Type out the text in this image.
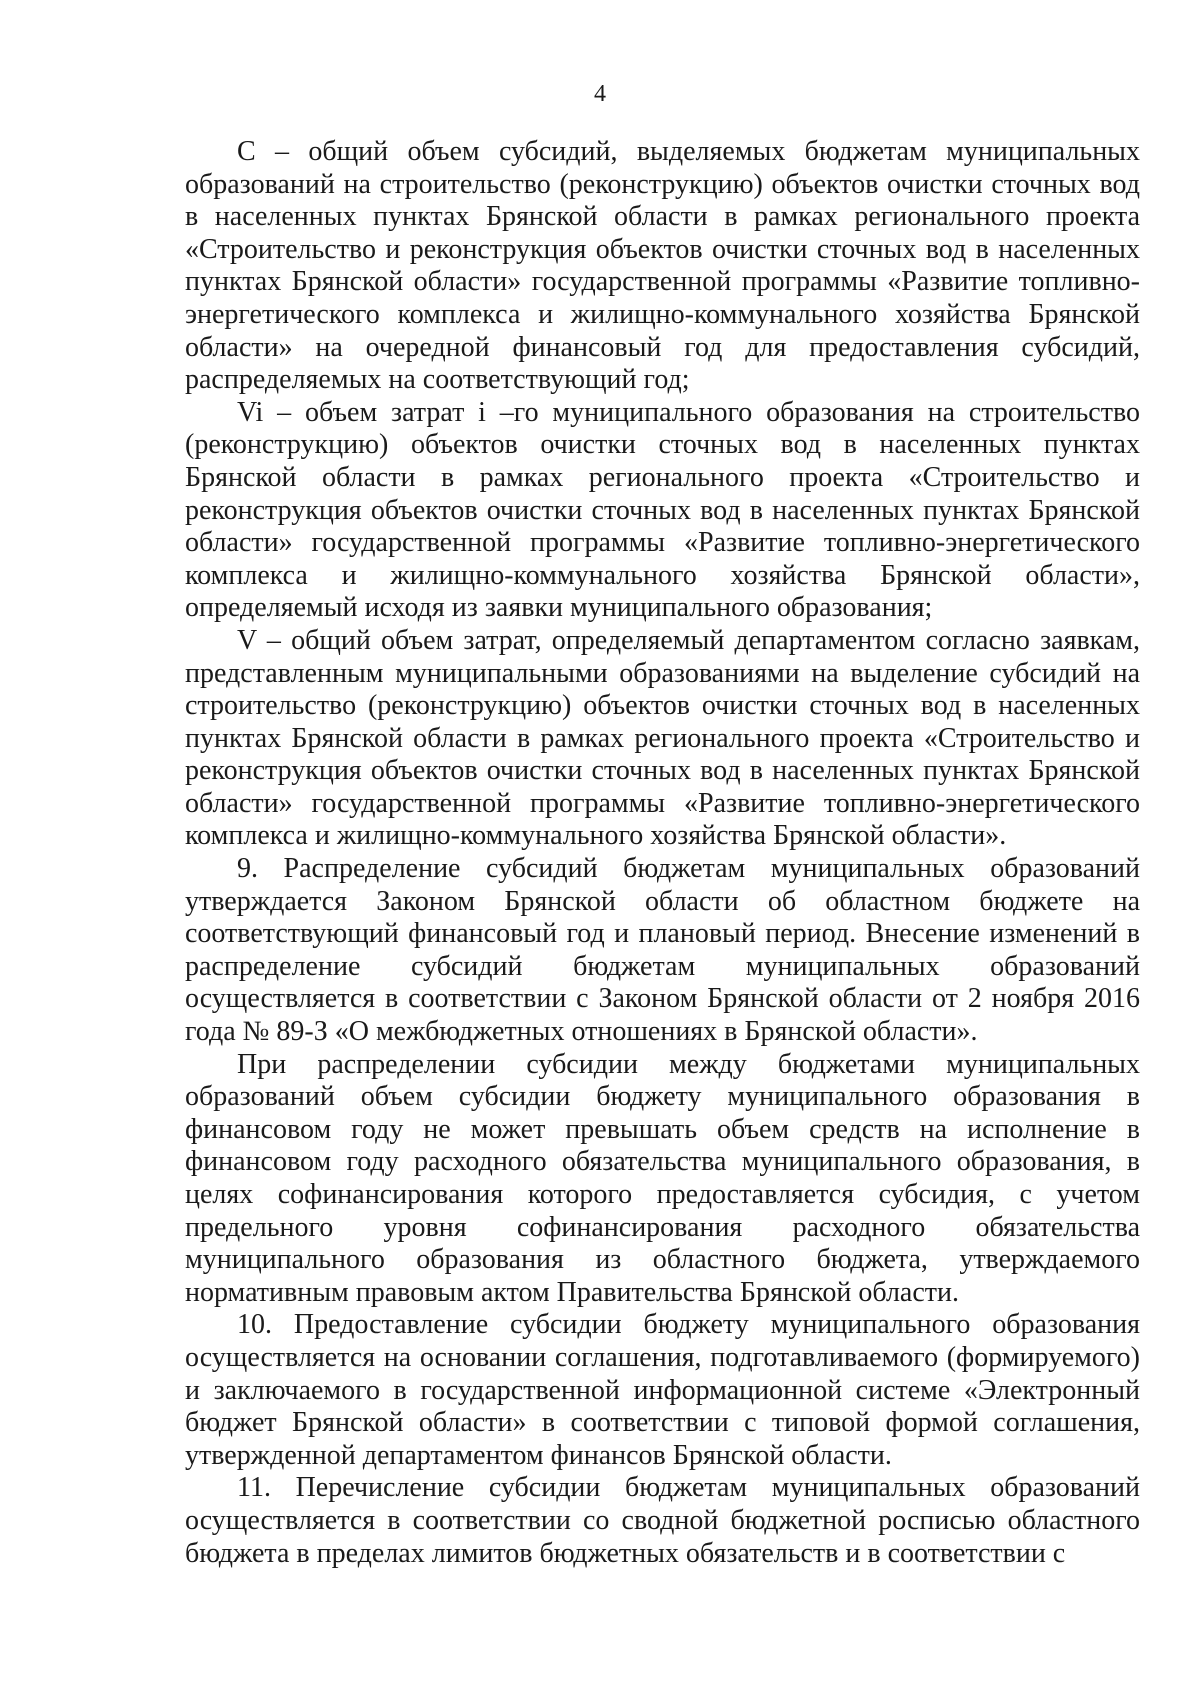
4

С – общий объем субсидий, выделяемых бюджетам муниципальных образований на строительство (реконструкцию) объектов очистки сточных вод в населенных пунктах Брянской области в рамках регионального проекта «Строительство и реконструкция объектов очистки сточных вод в населенных пунктах Брянской области» государственной программы «Развитие топливно-энергетического комплекса и жилищно-коммунального хозяйства Брянской области» на очередной финансовый год для предоставления субсидий, распределяемых на соответствующий год;

Vi – объем затрат i –го муниципального образования на строительство (реконструкцию) объектов очистки сточных вод в населенных пунктах Брянской области в рамках регионального проекта «Строительство и реконструкция объектов очистки сточных вод в населенных пунктах Брянской области» государственной программы «Развитие топливно-энергетического комплекса и жилищно-коммунального хозяйства Брянской области», определяемый исходя из заявки муниципального образования;

V – общий объем затрат, определяемый департаментом согласно заявкам, представленным муниципальными образованиями на выделение субсидий на строительство (реконструкцию) объектов очистки сточных вод в населенных пунктах Брянской области в рамках регионального проекта «Строительство и реконструкция объектов очистки сточных вод в населенных пунктах Брянской области» государственной программы «Развитие топливно-энергетического комплекса и жилищно-коммунального хозяйства Брянской области».

9. Распределение субсидий бюджетам муниципальных образований утверждается Законом Брянской области об областном бюджете на соответствующий финансовый год и плановый период. Внесение изменений в распределение субсидий бюджетам муниципальных образований осуществляется в соответствии с Законом Брянской области от 2 ноября 2016 года № 89-З «О межбюджетных отношениях в Брянской области».

При распределении субсидии между бюджетами муниципальных образований объем субсидии бюджету муниципального образования в финансовом году не может превышать объем средств на исполнение в финансовом году расходного обязательства муниципального образования, в целях софинансирования которого предоставляется субсидия, с учетом предельного уровня софинансирования расходного обязательства муниципального образования из областного бюджета, утверждаемого нормативным правовым актом Правительства Брянской области.

10. Предоставление субсидии бюджету муниципального образования осуществляется на основании соглашения, подготавливаемого (формируемого) и заключаемого в государственной информационной системе «Электронный бюджет Брянской области» в соответствии с типовой формой соглашения, утвержденной департаментом финансов Брянской области.

11. Перечисление субсидии бюджетам муниципальных образований осуществляется в соответствии со сводной бюджетной росписью областного бюджета в пределах лимитов бюджетных обязательств и в соответствии с
